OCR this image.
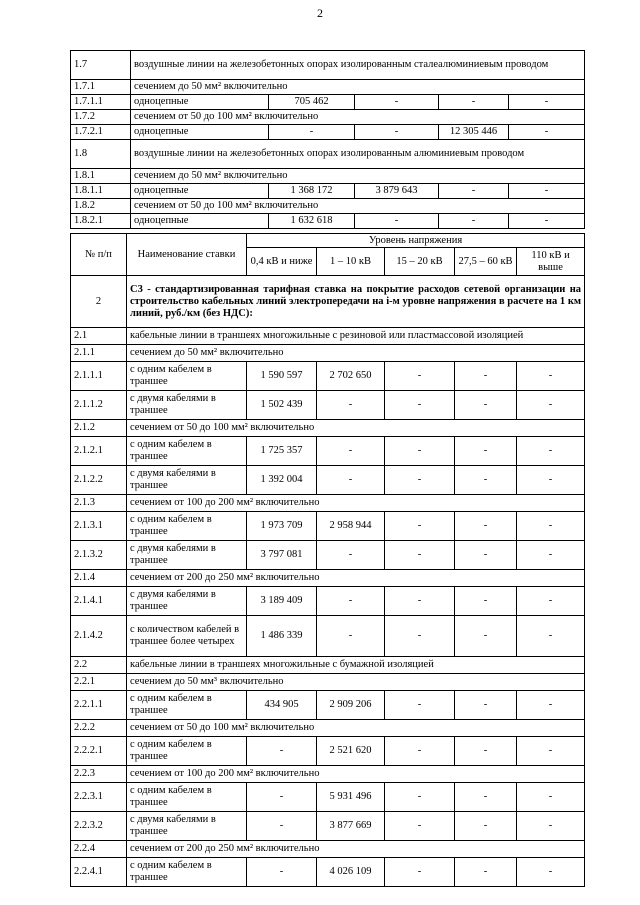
2
1.7	воздушные линии на железобетонных опорах изолированным сталеалюминиевым проводом				
1.7.1	сечением до 50 мм² включительно				
1.7.1.1	одноцепные	705 462	-	-	-
1.7.2	сечением от 50 до 100 мм² включительно				
1.7.2.1	одноцепные	-	-	12 305 446	-
1.8	воздушные линии на железобетонных опорах изолированным алюминиевым проводом				
1.8.1	сечением до 50 мм² включительно				
1.8.1.1	одноцепные	1 368 172	3 879 643	-	-
1.8.2	сечением от 50 до 100 мм² включительно				
1.8.2.1	одноцепные	1 632 618	-	-	-
№ п/п	Наименование ставки	Уровень напряжения				
		0,4 кВ и ниже	1 – 10 кВ	15 – 20 кВ	27,5 – 60 кВ	110 кВ и выше
2	С3 - стандартизированная тарифная ставка на покрытие расходов сетевой организации на строительство кабельных линий электропередачи на i-м уровне напряжения в расчете на 1 км линий, руб./км (без НДС):					
2.1	кабельные линии в траншеях многожильные с резиновой или пластмассовой изоляцией					
2.1.1	сечением до 50 мм² включительно					
2.1.1.1	с одним кабелем в траншее	1 590 597	2 702 650	-	-	-
2.1.1.2	с двумя кабелями в траншее	1 502 439	-	-	-	-
2.1.2	сечением от 50 до 100 мм² включительно					
2.1.2.1	с одним кабелем в траншее	1 725 357	-	-	-	-
2.1.2.2	с двумя кабелями в траншее	1 392 004	-	-	-	-
2.1.3	сечением от 100 до 200 мм² включительно					
2.1.3.1	с одним кабелем в траншее	1 973 709	2 958 944	-	-	-
2.1.3.2	с двумя кабелями в траншее	3 797 081	-	-	-	-
2.1.4	сечением от 200 до 250 мм² включительно					
2.1.4.1	с двумя кабелями в траншее	3 189 409	-	-	-	-
2.1.4.2	с количеством кабелей в траншее более четырех	1 486 339	-	-	-	-
2.2	кабельные линии в траншеях многожильные с бумажной изоляцией					
2.2.1	сечением до 50 мм³ включительно					
2.2.1.1	с одним кабелем в траншее	434 905	2 909 206	-	-	-
2.2.2	сечением от 50 до 100 мм² включительно					
2.2.2.1	с одним кабелем в траншее	-	2 521 620	-	-	-
2.2.3	сечением от 100 до 200 мм² включительно					
2.2.3.1	с одним кабелем в траншее	-	5 931 496	-	-	-
2.2.3.2	с двумя кабелями в траншее	-	3 877 669	-	-	-
2.2.4	сечением от 200 до 250 мм² включительно					
2.2.4.1	с одним кабелем в траншее	-	4 026 109	-	-	-
